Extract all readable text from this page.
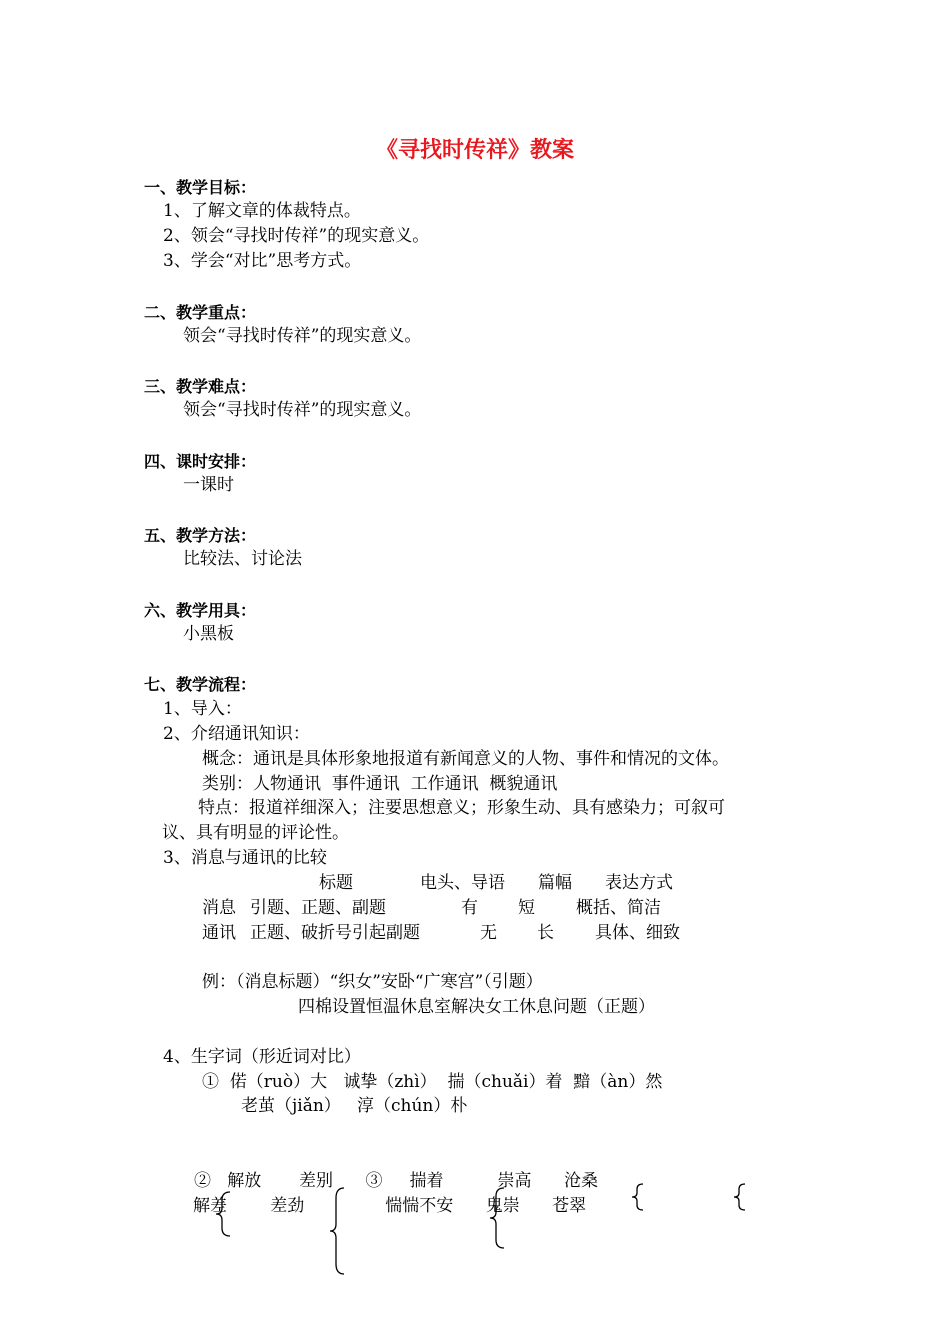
《寻找时传祥》教案
一、教学目标：
1、了解文章的体裁特点。
2、领会“寻找时传祥”的现实意义。
3、学会“对比”思考方式。
二、教学重点：
领会“寻找时传祥”的现实意义。
三、教学难点：
领会“寻找时传祥”的现实意义。
四、课时安排：
一课时
五、教学方法：
比较法、讨论法
六、教学用具：
小黑板
七、教学流程：
1、导入：
2、介绍通讯知识：
概念：通讯是具体形象地报道有新闻意义的人物、事件和情况的文体。
类别：人物通讯  事件通讯  工作通讯  概貌通讯
特点：报道祥细深入；注要思想意义；形象生动、具有感染力；可叙可
议、具有明显的评论性。
3、消息与通讯的比较
标题	电头、导语 篇幅 表达方式
消息 引题、正题、副题	有 短 概括、简洁
通讯 正题、破折号引起副题	无 长 具体、细致
例：（消息标题）“织女”安卧“广寒宫”（引题）
四棉设置恒温休息室解决女工休息问题（正题）
4、生字词（形近词对比）
①  偌（ruò）大   诚挚（zhì）  揣（chuǎi）着  黯（àn）然
老茧（jiǎn）   淳（chún）朴
②   解放       差别      ③     揣着          崇高      沧桑
解差        差劲               惴惴不安      鬼崇      苍翠
